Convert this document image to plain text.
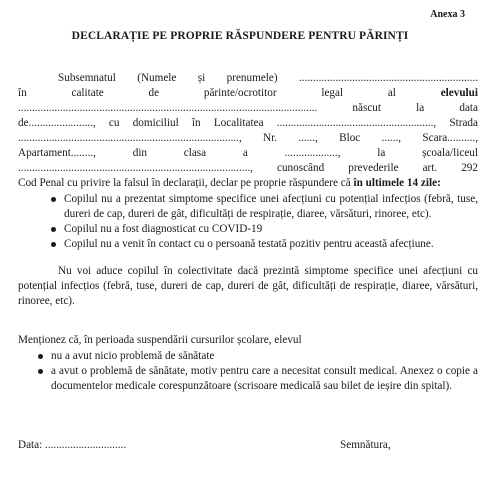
Anexa 3
DECLARAȚIE PE PROPRIE RĂSPUNDERE PENTRU PĂRINȚI
Subsemnatul (Numele și prenumele) ................................................................
în calitate de părinte/ocrotitor legal al elevului
........................................................................................................... născut la data
de......................., cu domiciliul în Localitatea ........................................................, Strada
..............................................................................., Nr. ......, Bloc ......, Scara..........,
Apartament........, din clasa a ..................., la școala/liceul
..................................................................................., cunoscând prevederile art. 292
Cod Penal cu privire la falsul în declarații, declar pe proprie răspundere că în ultimele 14 zile:
Copilul nu a prezentat simptome specifice unei afecțiuni cu potențial infecțios (febră, tuse, dureri de cap, dureri de gât, dificultăți de respirație, diaree, vărsături, rinoree, etc).
Copilul nu a fost diagnosticat cu COVID-19
Copilul nu a venit în contact cu o persoană testată pozitiv pentru această afecțiune.
Nu voi aduce copilul în colectivitate dacă prezintă simptome specifice unei afecțiuni cu potențial infecțios (febră, tuse, dureri de cap, dureri de gât, dificultăți de respirație, diaree, vărsături, rinoree, etc).
Menționez că, în perioada suspendării cursurilor școlare, elevul
nu a avut nicio problemă de sănătate
a avut o problemă de sănătate, motiv pentru care a necesitat consult medical. Anexez o copie a documentelor medicale corespunzătoare (scrisoare medicală sau bilet de ieșire din spital).
Data: .............................	Semnătura,
